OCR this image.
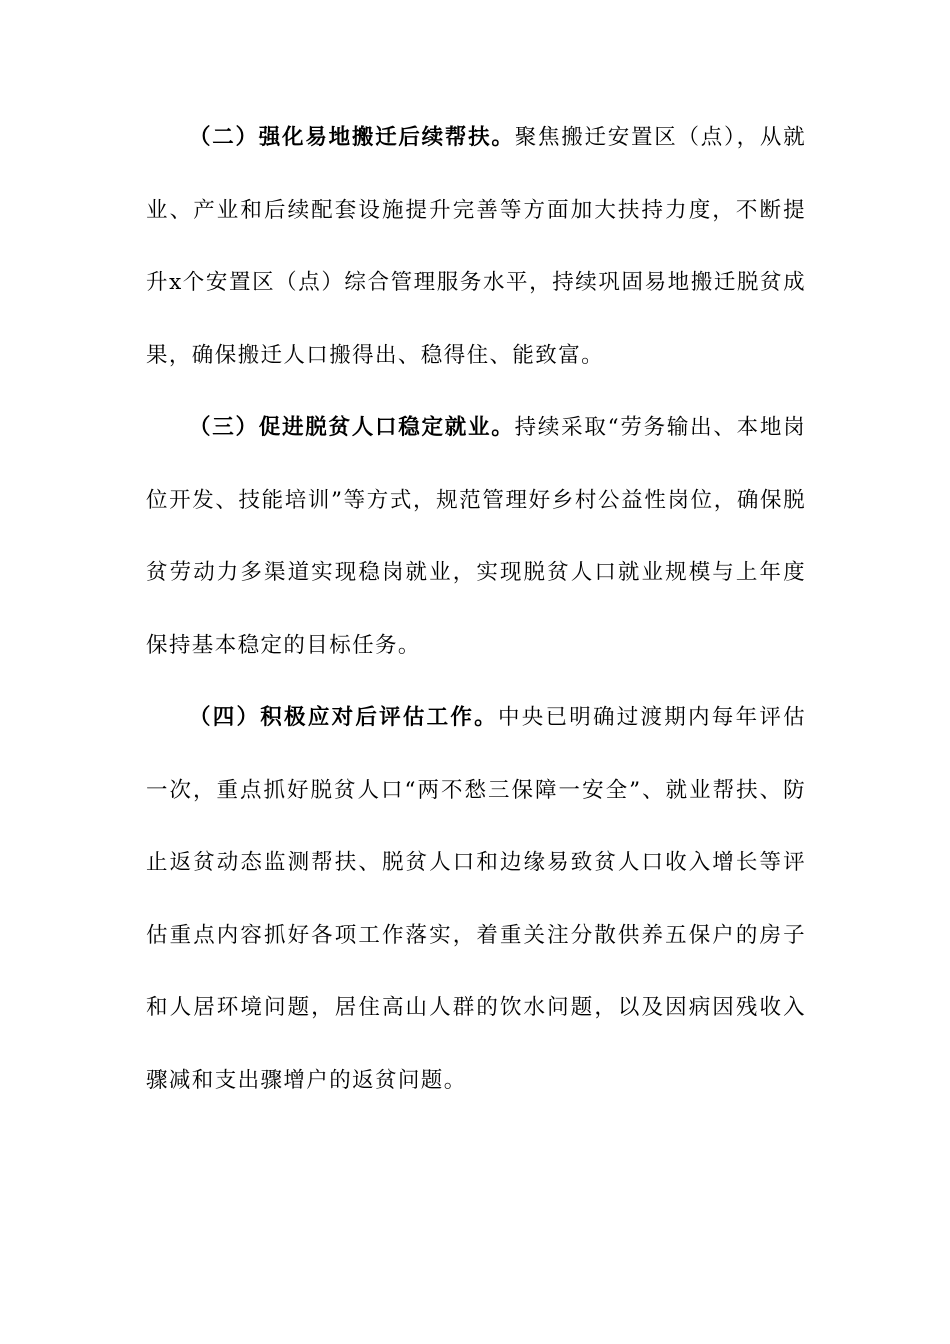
（二）强化易地搬迁后续帮扶。聚焦搬迁安置区（点），从就业、产业和后续配套设施提升完善等方面加大扶持力度，不断提升x个安置区（点）综合管理服务水平，持续巩固易地搬迁脱贫成果，确保搬迁人口搬得出、稳得住、能致富。

（三）促进脱贫人口稳定就业。持续采取“劳务输出、本地岗位开发、技能培训”等方式，规范管理好乡村公益性岗位，确保脱贫劳动力多渠道实现稳岗就业，实现脱贫人口就业规模与上年度保持基本稳定的目标任务。

（四）积极应对后评估工作。中央已明确过渡期内每年评估一次，重点抓好脱贫人口“两不愁三保障一安全”、就业帮扶、防止返贫动态监测帮扶、脱贫人口和边缘易致贫人口收入增长等评估重点内容抓好各项工作落实，着重关注分散供养五保户的房子和人居环境问题，居住高山人群的饮水问题，以及因病因残收入骤减和支出骤增户的返贫问题。
